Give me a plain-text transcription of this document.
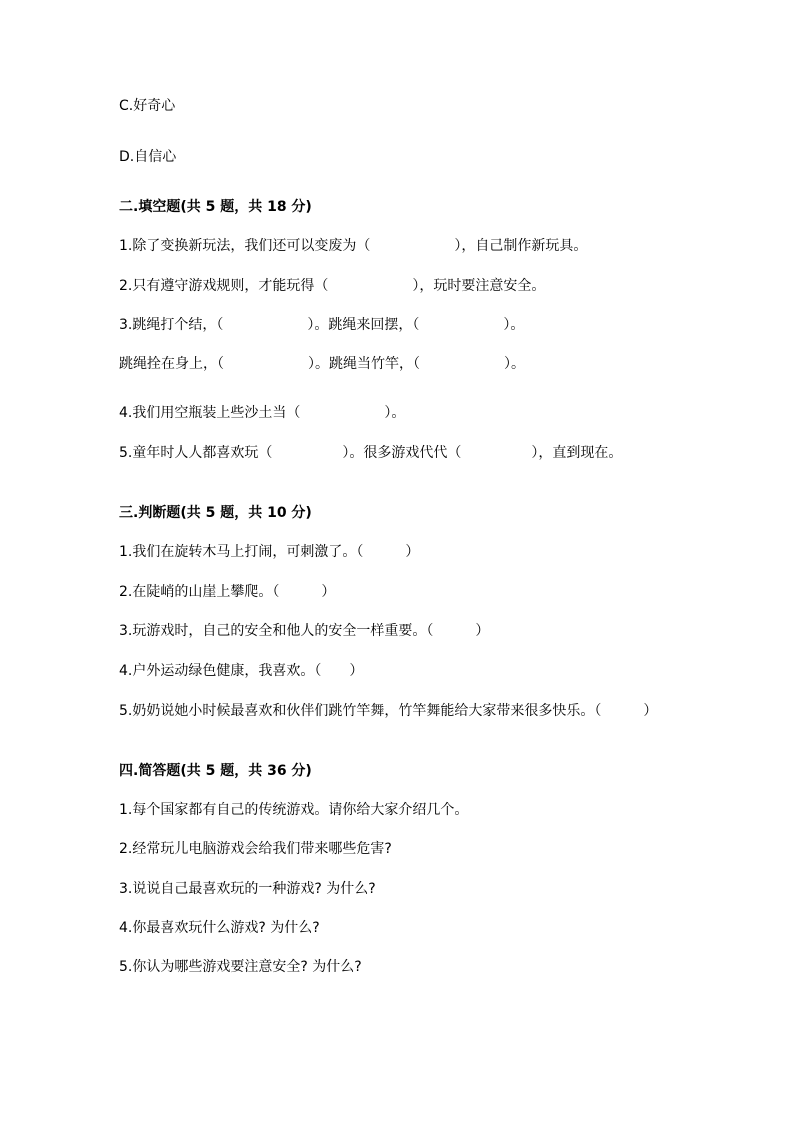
C.好奇心
D.自信心
二.填空题(共 5 题，共 18 分)
1.除了变换新玩法，我们还可以变废为（　　　　　　），自己制作新玩具。
2.只有遵守游戏规则，才能玩得（　　　　　　），玩时要注意安全。
3.跳绳打个结，（　　　　　　）。跳绳来回摆，（　　　　　　）。
跳绳拴在身上，（　　　　　　）。跳绳当竹竿，（　　　　　　）。
4.我们用空瓶装上些沙土当（　　　　　　）。
5.童年时人人都喜欢玩（　　　　　）。很多游戏代代（　　　　　），直到现在。
三.判断题(共 5 题，共 10 分)
1.我们在旋转木马上打闹，可刺激了。（　　　）
2.在陡峭的山崖上攀爬。（　　　）
3.玩游戏时，自己的安全和他人的安全一样重要。（　　　）
4.户外运动绿色健康，我喜欢。（　　）
5.奶奶说她小时候最喜欢和伙伴们跳竹竿舞，竹竿舞能给大家带来很多快乐。（　　　）
四.简答题(共 5 题，共 36 分)
1.每个国家都有自己的传统游戏。请你给大家介绍几个。
2.经常玩儿电脑游戏会给我们带来哪些危害?
3.说说自己最喜欢玩的一种游戏? 为什么?
4.你最喜欢玩什么游戏? 为什么?
5.你认为哪些游戏要注意安全? 为什么?
